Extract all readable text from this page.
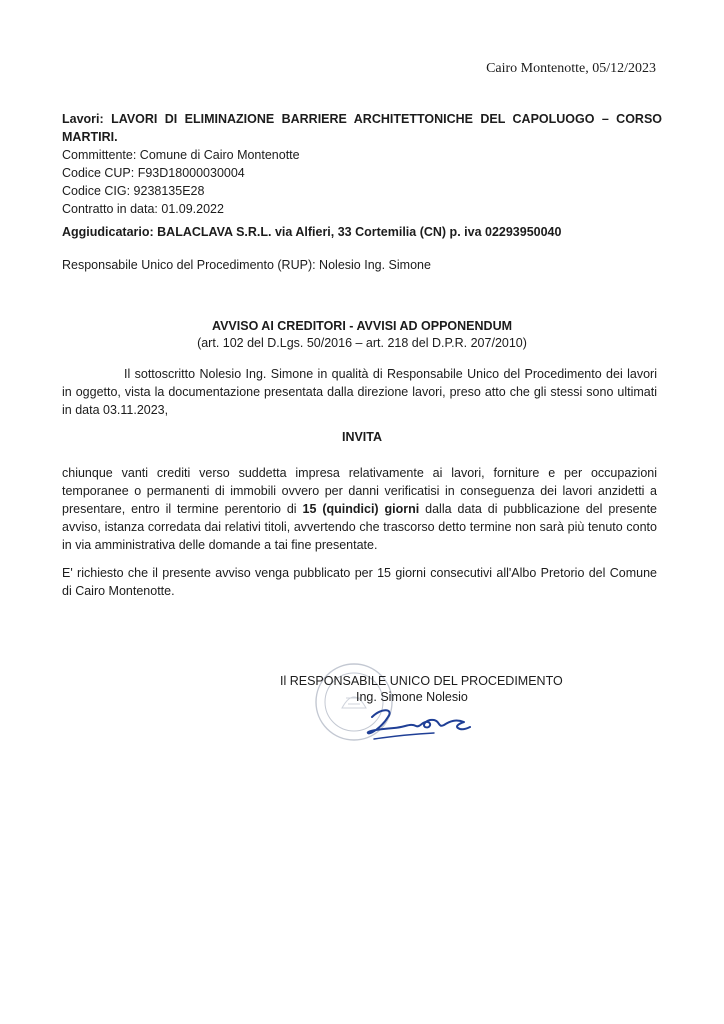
Cairo Montenotte, 05/12/2023
Lavori: LAVORI DI ELIMINAZIONE BARRIERE ARCHITETTONICHE DEL CAPOLUOGO – CORSO MARTIRI.
Committente: Comune di Cairo Montenotte
Codice CUP: F93D18000030004
Codice CIG: 9238135E28
Contratto in data: 01.09.2022
Aggiudicatario: BALACLAVA S.R.L. via Alfieri, 33 Cortemilia (CN) p. iva 02293950040
Responsabile Unico del Procedimento (RUP): Nolesio Ing. Simone
AVVISO AI CREDITORI - AVVISI AD OPPONENDUM
(art. 102 del D.Lgs. 50/2016 – art. 218 del D.P.R. 207/2010)
Il sottoscritto Nolesio Ing. Simone in qualità di Responsabile Unico del Procedimento dei lavori in oggetto, vista la documentazione presentata dalla direzione lavori, preso atto che gli stessi sono ultimati in data 03.11.2023,
INVITA
chiunque vanti crediti verso suddetta impresa relativamente ai lavori, forniture e per occupazioni temporanee o permanenti di immobili ovvero per danni verificatisi in conseguenza dei lavori anzidetti a presentare, entro il termine perentorio di 15 (quindici) giorni dalla data di pubblicazione del presente avviso, istanza corredata dai relativi titoli, avvertendo che trascorso detto termine non sarà più tenuto conto in via amministrativa delle domande a tai fine presentate.
E' richiesto che il presente avviso venga pubblicato per 15 giorni consecutivi all'Albo Pretorio del Comune di Cairo Montenotte.
Il RESPONSABILE UNICO DEL PROCEDIMENTO
Ing. Simone Nolesio
